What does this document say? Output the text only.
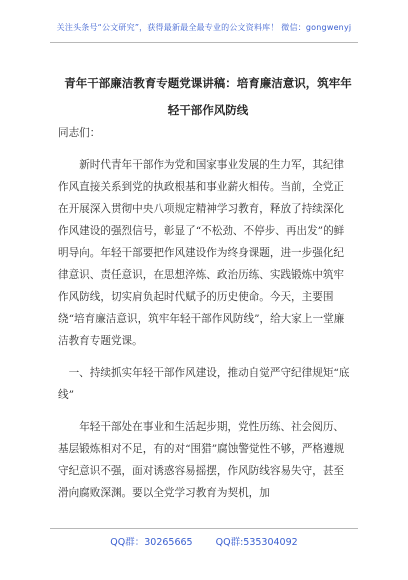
关注头条号“公文研究”，获得最新最全最专业的公文资料库！ 微信：gongwenyj
青年干部廉洁教育专题党课讲稿：培育廉洁意识，筑牢年
轻干部作风防线

同志们：

新时代青年干部作为党和国家事业发展的生力军，其纪律作风直接关系到党的执政根基和事业薪火相传。当前，全党正在开展深入贯彻中央八项规定精神学习教育，释放了持续深化作风建设的强烈信号，彰显了“不松劲、不停步、再出发”的鲜明导向。年轻干部要把作风建设作为终身课题，进一步强化纪律意识、责任意识，在思想淬炼、政治历练、实践锻炼中筑牢作风防线，切实肩负起时代赋予的历史使命。今天，主要围绕“培育廉洁意识，筑牢年轻干部作风防线”，给大家上一堂廉洁教育专题党课。

一、持续抓实年轻干部作风建设，推动自觉严守纪律规矩“底线”

年轻干部处在事业和生活起步期，党性历练、社会阅历、基层锻炼相对不足，有的对“围猎”腐蚀警觉性不够，严格遵规守纪意识不强，面对诱惑容易摇摆，作风防线容易失守，甚至滑向腐败深渊。要以全党学习教育为契机，加

QQ群：30265665 QQ群:535304092
